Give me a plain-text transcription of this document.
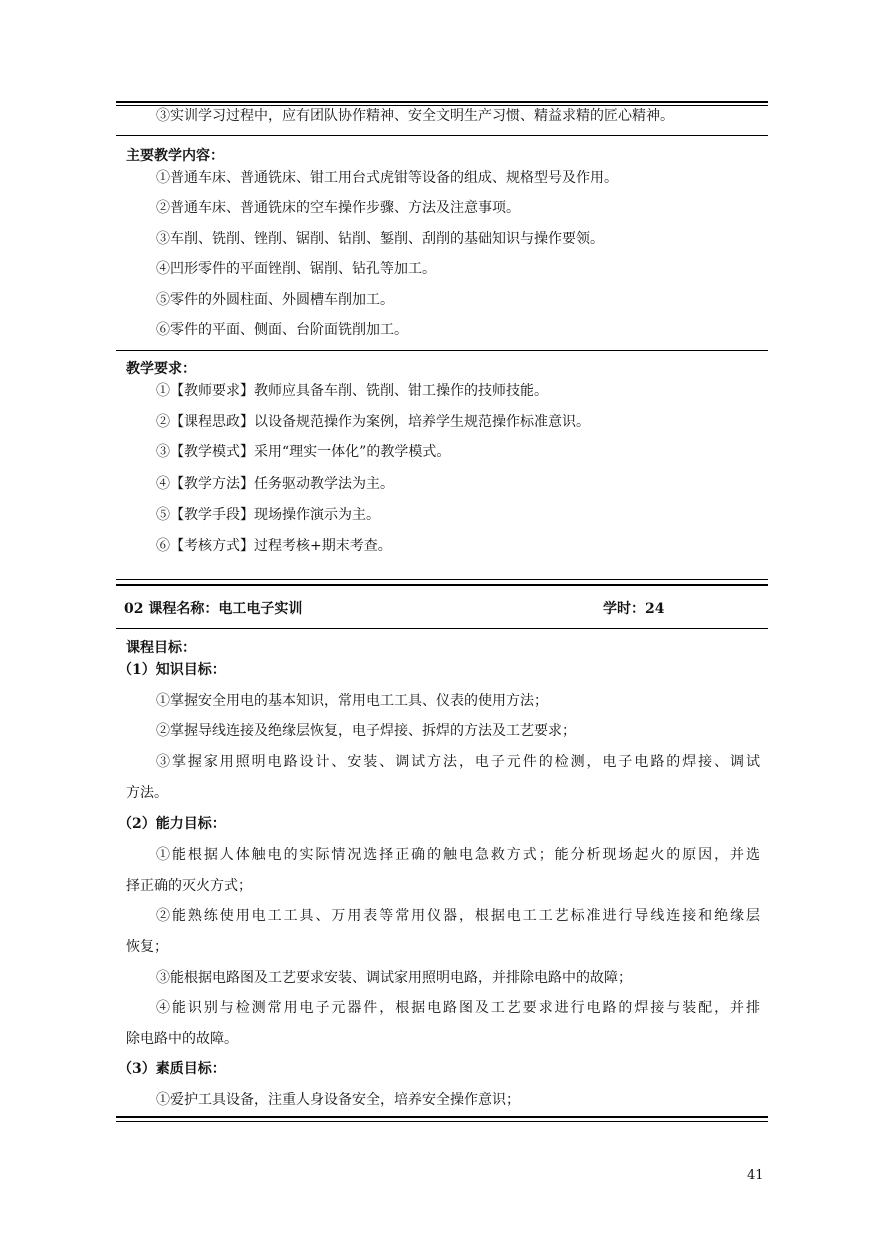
③实训学习过程中，应有团队协作精神、安全文明生产习惯、精益求精的匠心精神。
主要教学内容：
①普通车床、普通铣床、钳工用台式虎钳等设备的组成、规格型号及作用。
②普通车床、普通铣床的空车操作步骤、方法及注意事项。
③车削、铣削、锉削、锯削、钻削、錾削、刮削的基础知识与操作要领。
④凹形零件的平面锉削、锯削、钻孔等加工。
⑤零件的外圆柱面、外圆槽车削加工。
⑥零件的平面、侧面、台阶面铣削加工。
教学要求：
①【教师要求】教师应具备车削、铣削、钳工操作的技师技能。
②【课程思政】以设备规范操作为案例，培养学生规范操作标准意识。
③【教学模式】采用“理实一体化”的教学模式。
④【教学方法】任务驱动教学法为主。
⑤【教学手段】现场操作演示为主。
⑥【考核方式】过程考核+期末考查。
02 课程名称：电工电子实训	学时：24
课程目标：
（1）知识目标：
①掌握安全用电的基本知识，常用电工工具、仪表的使用方法；
②掌握导线连接及绝缘层恢复，电子焊接、拆焊的方法及工艺要求；
③掌握家用照明电路设计、安装、调试方法，电子元件的检测，电子电路的焊接、调试
方法。
（2）能力目标：
①能根据人体触电的实际情况选择正确的触电急救方式；能分析现场起火的原因，并选
择正确的灭火方式；
②能熟练使用电工工具、万用表等常用仪器，根据电工工艺标准进行导线连接和绝缘层
恢复；
③能根据电路图及工艺要求安装、调试家用照明电路，并排除电路中的故障；
④能识别与检测常用电子元器件，根据电路图及工艺要求进行电路的焊接与装配，并排
除电路中的故障。
（3）素质目标：
①爱护工具设备，注重人身设备安全，培养安全操作意识；
41
